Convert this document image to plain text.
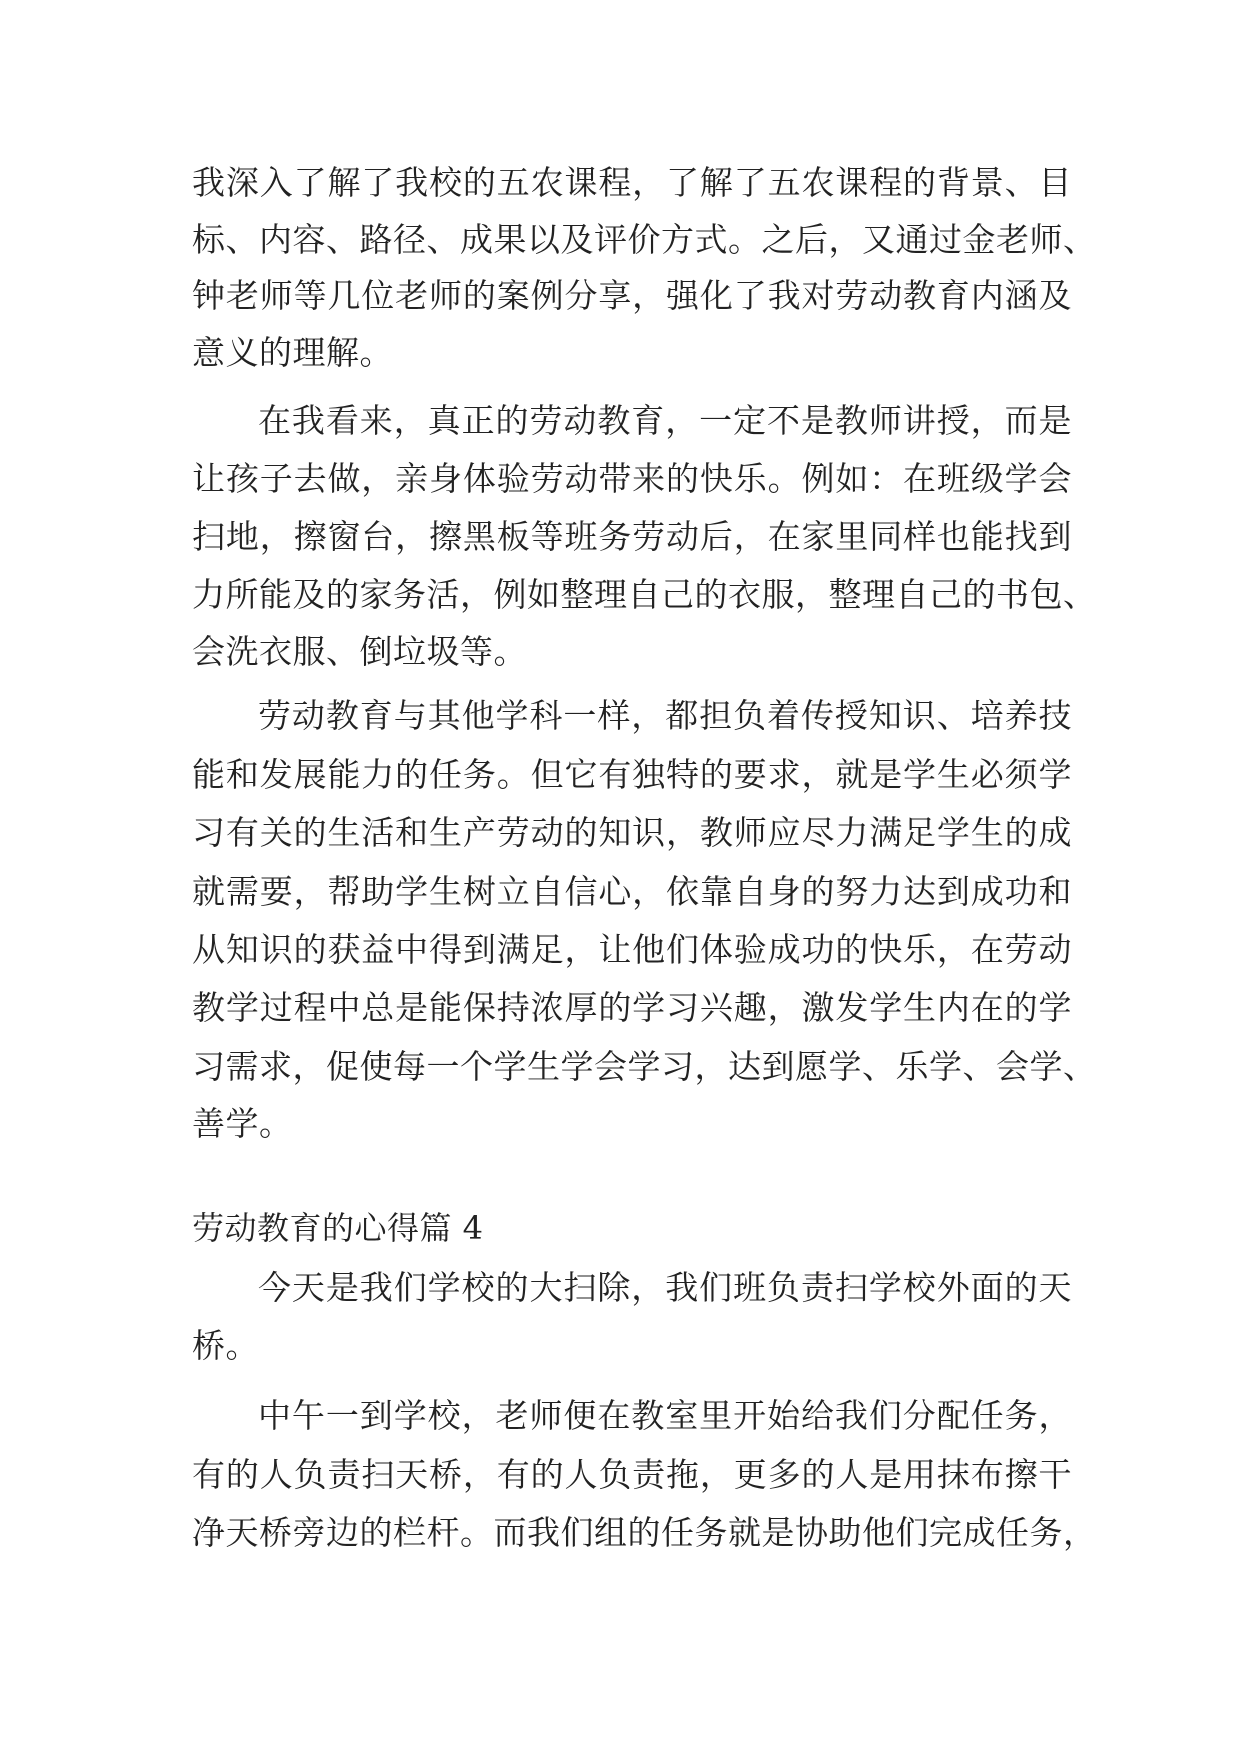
我深入了解了我校的五农课程，了解了五农课程的背景、目
标、内容、路径、成果以及评价方式。之后，又通过金老师、
钟老师等几位老师的案例分享，强化了我对劳动教育内涵及
意义的理解。
在我看来，真正的劳动教育，一定不是教师讲授，而是
让孩子去做，亲身体验劳动带来的快乐。例如：在班级学会
扫地，擦窗台，擦黑板等班务劳动后，在家里同样也能找到
力所能及的家务活，例如整理自己的衣服，整理自己的书包、
会洗衣服、倒垃圾等。
劳动教育与其他学科一样，都担负着传授知识、培养技
能和发展能力的任务。但它有独特的要求，就是学生必须学
习有关的生活和生产劳动的知识，教师应尽力满足学生的成
就需要，帮助学生树立自信心，依靠自身的努力达到成功和
从知识的获益中得到满足，让他们体验成功的快乐，在劳动
教学过程中总是能保持浓厚的学习兴趣，激发学生内在的学
习需求，促使每一个学生学会学习，达到愿学、乐学、会学、
善学。
劳动教育的心得篇 4
今天是我们学校的大扫除，我们班负责扫学校外面的天
桥。
中午一到学校，老师便在教室里开始给我们分配任务，
有的人负责扫天桥，有的人负责拖，更多的人是用抹布擦干
净天桥旁边的栏杆。而我们组的任务就是协助他们完成任务，
